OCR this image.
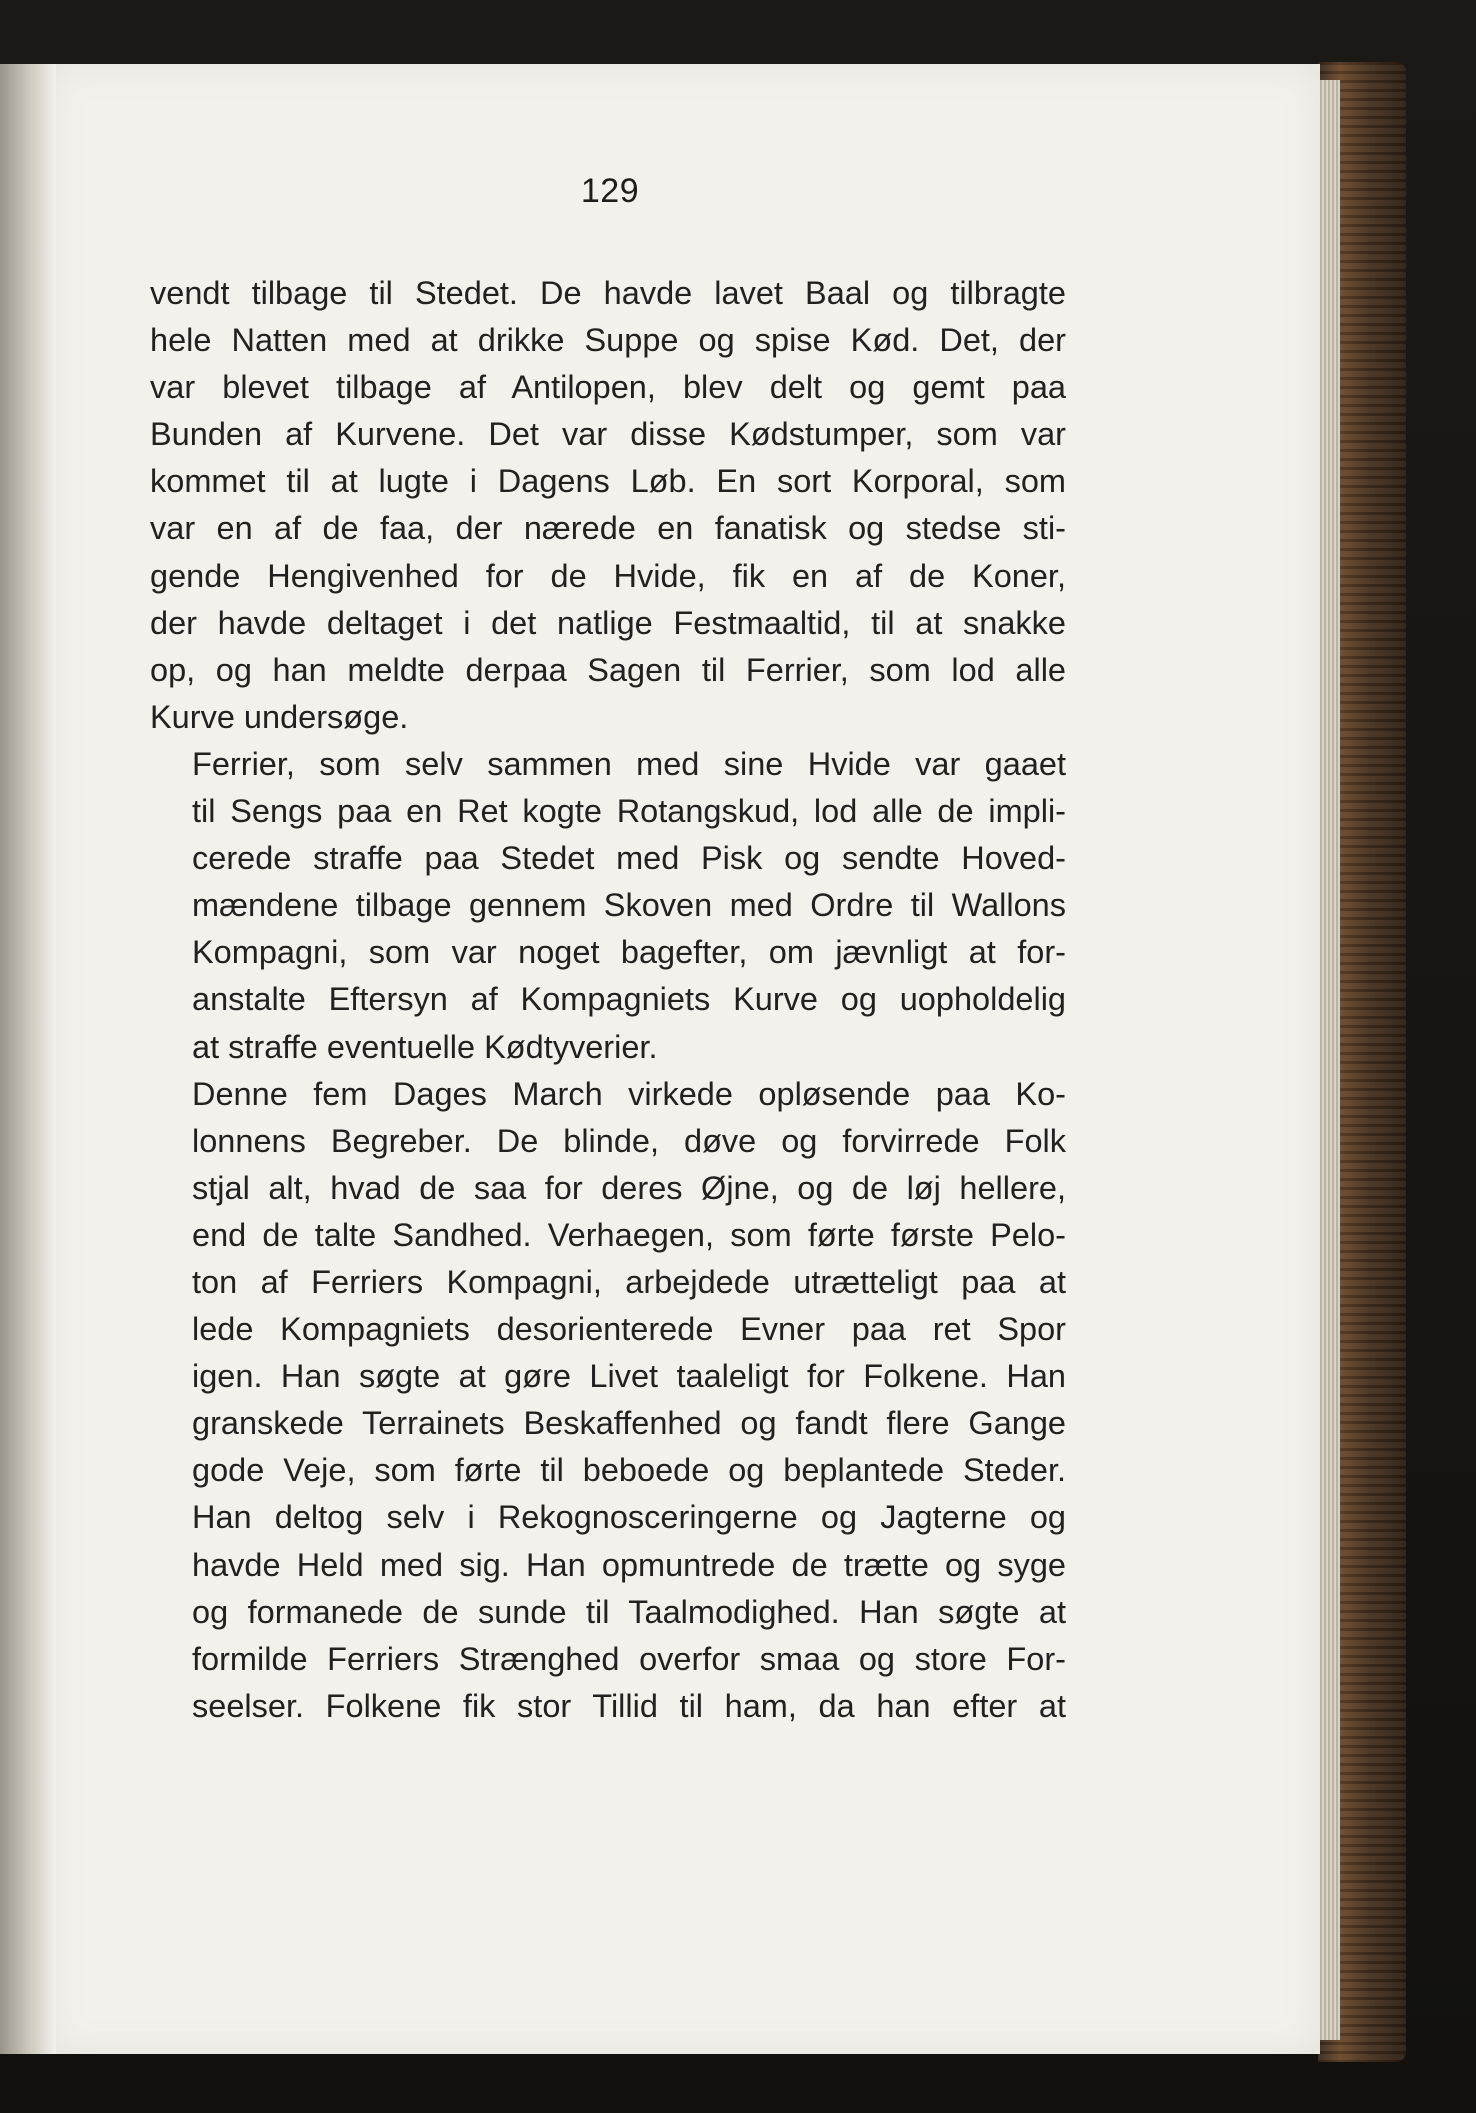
129

vendt tilbage til Stedet. De havde lavet Baal og tilbragte
hele Natten med at drikke Suppe og spise Kød. Det, der
var blevet tilbage af Antilopen, blev delt og gemt paa
Bunden af Kurvene. Det var disse Kødstumper, som var
kommet til at lugte i Dagens Løb. En sort Korporal, som
var en af de faa, der nærede en fanatisk og stedse sti-
gende Hengivenhed for de Hvide, fik en af de Koner,
der havde deltaget i det natlige Festmaaltid, til at snakke
op, og han meldte derpaa Sagen til Ferrier, som lod alle
Kurve undersøge.

Ferrier, som selv sammen med sine Hvide var gaaet
til Sengs paa en Ret kogte Rotangskud, lod alle de impli-
cerede straffe paa Stedet med Pisk og sendte Hoved-
mændene tilbage gennem Skoven med Ordre til Wallons
Kompagni, som var noget bagefter, om jævnligt at for-
anstalte Eftersyn af Kompagniets Kurve og uopholdelig
at straffe eventuelle Kødtyverier.

Denne fem Dages March virkede opløsende paa Ko-
lonnens Begreber. De blinde, døve og forvirrede Folk
stjal alt, hvad de saa for deres Øjne, og de løj hellere,
end de talte Sandhed. Verhaegen, som førte første Pelo-
ton af Ferriers Kompagni, arbejdede utrætteligt paa at
lede Kompagniets desorienterede Evner paa ret Spor
igen. Han søgte at gøre Livet taaleligt for Folkene. Han
granskede Terrainets Beskaffenhed og fandt flere Gange
gode Veje, som førte til beboede og beplantede Steder.
Han deltog selv i Rekognosceringerne og Jagterne og
havde Held med sig. Han opmuntrede de trætte og syge
og formanede de sunde til Taalmodighed. Han søgte at
formilde Ferriers Strænghed overfor smaa og store For-
seelser. Folkene fik stor Tillid til ham, da han efter at
